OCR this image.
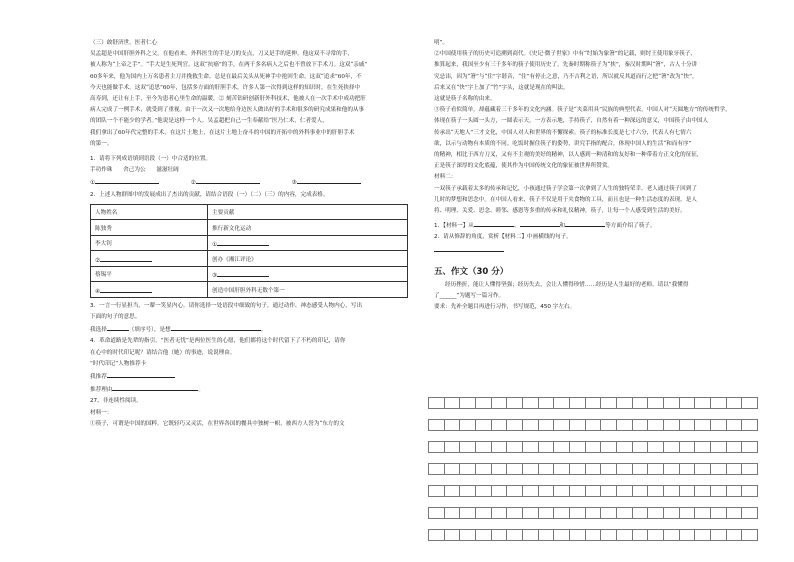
（三）敢舒济世，医者仁心

吴孟超是中国肝胆外科之父。在他看来，外科医生的手是刀的支点，刀又是手的延伸。他这双不寻常的手，

被人称为“上帝之手”。“手大是生死判官。这双“抗癌”的手，在两千多名病人之后也不曾放下手术刀。这双“亲戚”

60多年来，他为国内上万名患者主刀并挽救生命，总是在最后关头从死神手中抢回生命。这双“追求”60年，不

今天也能做手术。这双“追思”60年，包括多方面的肝胆手术。许多人第一次得到这样的知识时，在生死抉择中

高寿到，还让有上手，至今为患者心里生命的温暖。② 刻苦钻研创新肝外科技术，他被人在一次手术中成功把肝

病人完成了一例手术，就受到了重视。由于一次又一次地给身边医人做出好的手术和很多的研究成果和他的从事

的团队一个不能少的学者。”他说是这样一个人。吴孟超把自己一生奉献给“医乃仁术，仁者爱人，

我们拿出了60年代完整的手术，在这片土地上，在这片土地上奋斗的中国的开拓中的外科事业中的肝胆手术

的第一。

1．请将下列成语填到语段（一）中合适的位置。

手功作珠 舍己为公 滋滋壮阔

①	②	③

2．上述人物群图中的发展成出了杰出的贡献，请结合语段（一）（二）（三）的内容，完成表格。

人物姓名	主要贡献
陈独秀	推行新文化运动
李大钊	①
②	创办《湘江评论》
蔡锡平	③
④	创造中国肝胆外科无数个第一

3．一言一行显担当，一颦一笑显内心。请你选择一处语段中细致的句子，通过动作、神态感受人物内心，写出

下面的句子的意思。

我选择	（填序号），是想	。

4．革命道路是先辈的指引，“医者无忧”是两位医生的心愿，他们都将这个时代留下了不朽的印记，请你

在心中的时代印记呢？请结合他（她）的事迹，说说理由。

“时代印记”人物推荐卡

我推荐

推荐理由	。

27、非连续性阅读。

材料一：

①筷子，可谓是中国的国粹。它既轻巧又灵活，在世界各国的餐具中独树一帜，被西方人誉为“东方的文

明”。

②中国使用筷子的历史可追溯到商代。《史记·微子世家》中有“纣始为象箸”的记载，则纣王使用象牙筷子，

推算起来，我国至少有三千多年的筷子使用历史了。先秦时期称筷子为“挟”，秦汉时期叫“箸”，古人十分讲

究忌讳，因为“箸”与“住”字谐音，“住”有停止之意，乃不吉利之语，所以就反其道而行之把“箸”改为“快”，

后来又在“快”字上加了“竹”字头，这就是现在的叫法。

这就是筷子名称的由来。

③筷子看似简单，却蕴藏着三千多年的文化内涵。筷子是“夹菜用具”民族的典型代表，中国人对“天圆地方”的传统哲学，

体现在筷子一头圆一头方，一圆表示天，一方表示地，手持筷子，自然有着一种深远的意义，中国筷子由中国人

传承出“天地人”三才文化，中国人对人和世界的不懈探索。筷子的标准长度是七寸六分，代表人有七情六

欲，以示与动物有本质的不同。吃饭时握住筷子的姿势，讲究手指的配合，体现中国人的生活“和而有序”

的精神，相比于西方刀叉，又有不主观的美好的精神，以人感到一种清和的友好和一种带着方正文化的征征，

正是筷子深厚的文化底蕴，使其作为中国传统文化的象征被世界所赞赏。

材料二：

一双筷子承载着太多的传承和记忆，小孩通过筷子学会第一次拿到了人生的独特荣幸。老人通过筷子回到了

儿时的梦想和思念中。在中国人看来，筷子不仅是用于夹食物的工具，而且也是一种生活态度的表现，是人

将、明理、关爱、思念、睦邻、感恩等多重的传承和礼仪精神，筷子，让每一个人感受到生活的美好。

1．【材料一】从	、	和	等方面介绍了筷子。

2．请从修辞的角度，赏析【材料二】中画横线的句子。

五、作文（30 分）

经历挫折，能让人懂得坚强；经历失去，会让人懂得珍惜……经历是人生最好的老师。请以“我懂得

了______”为题写一篇习作。

要求：先补全题目再进行习作，书写规范，450 字左右。
